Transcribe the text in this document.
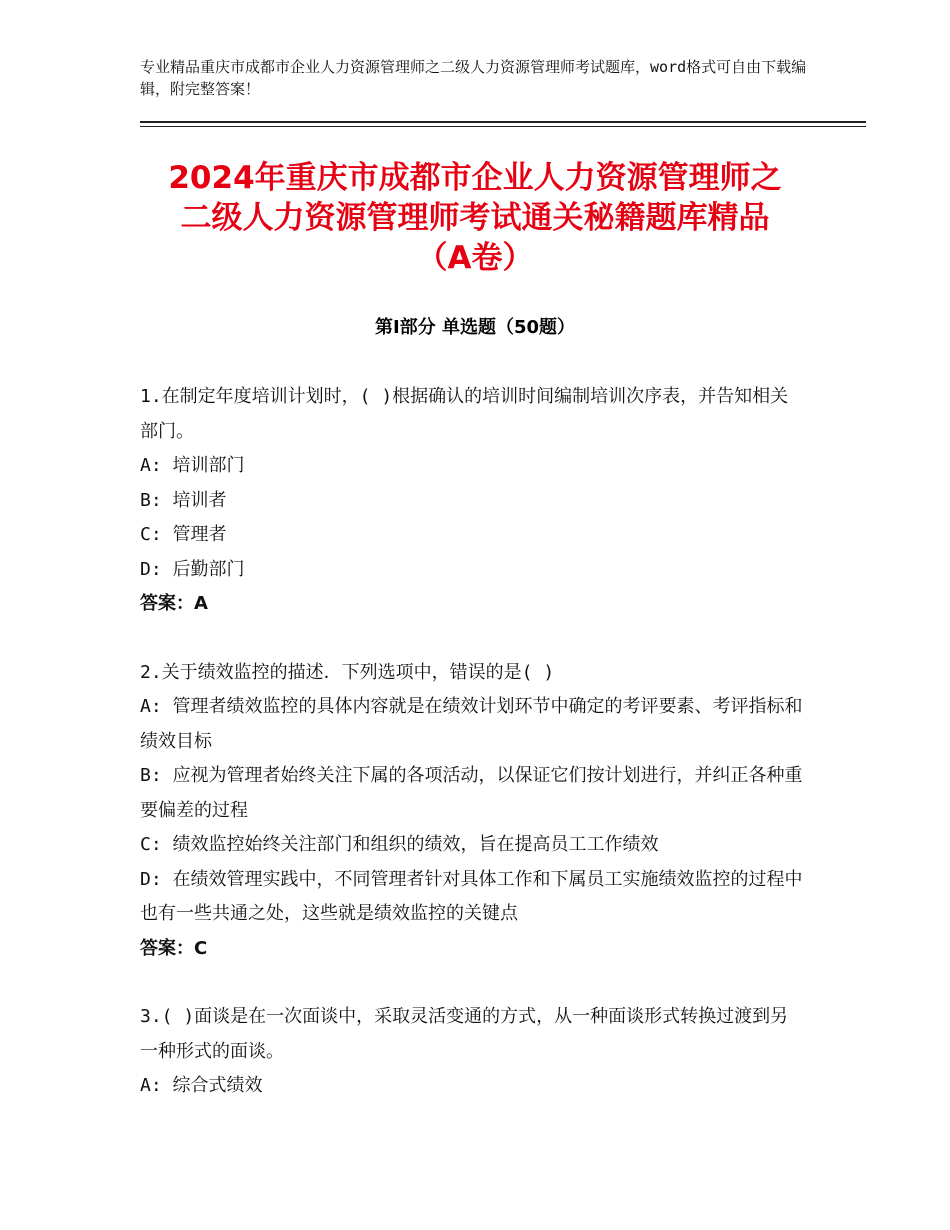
专业精品重庆市成都市企业人力资源管理师之二级人力资源管理师考试题库，word格式可自由下载编辑，附完整答案！
2024年重庆市成都市企业人力资源管理师之
二级人力资源管理师考试通关秘籍题库精品
（A卷）
第Ⅰ部分 单选题（50题）

1.在制定年度培训计划时，( )根据确认的培训时间编制培训次序表，并告知相关部门。

A: 培训部门

B: 培训者

C: 管理者

D: 后勤部门

答案：A

2.关于绩效监控的描述．下列选项中，错误的是( )

A: 管理者绩效监控的具体内容就是在绩效计划环节中确定的考评要素、考评指标和绩效目标

B: 应视为管理者始终关注下属的各项活动，以保证它们按计划进行，并纠正各种重要偏差的过程

C: 绩效监控始终关注部门和组织的绩效，旨在提高员工工作绩效

D: 在绩效管理实践中，不同管理者针对具体工作和下属员工实施绩效监控的过程中也有一些共通之处，这些就是绩效监控的关键点

答案：C

3.( )面谈是在一次面谈中，采取灵活变通的方式，从一种面谈形式转换过渡到另一种形式的面谈。

A: 综合式绩效
